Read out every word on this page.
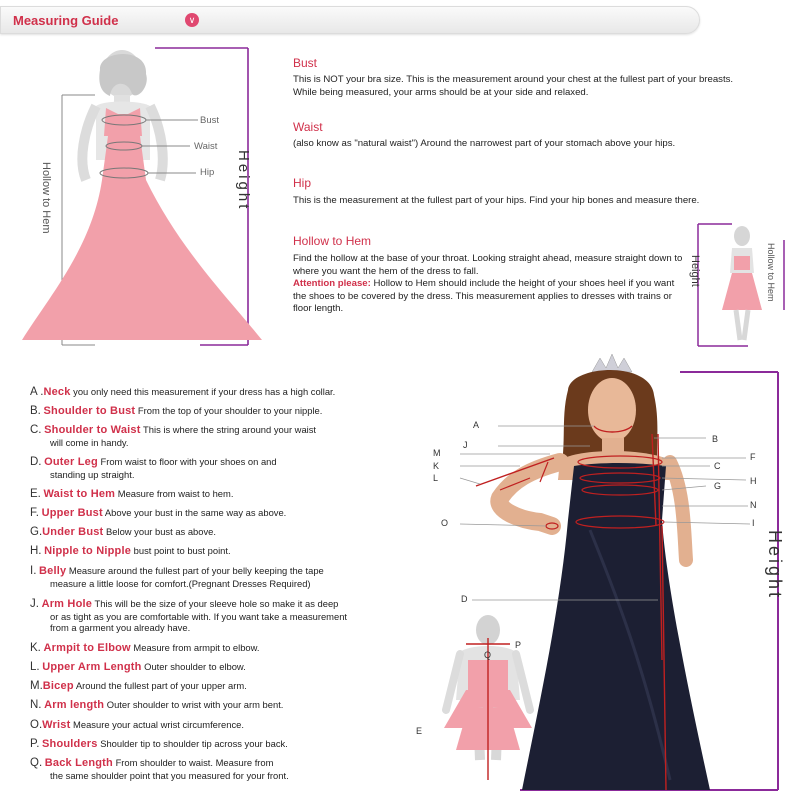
Measuring Guide	∨
Bust
Waist
Hip
Hollow to Hem	Height
Bust
This is NOT your bra size. This is the measurement around your chest at the fullest part of your breasts. While being measured, your arms should be at your side and relaxed.
Waist
(also know as "natural waist") Around the narrowest part of your stomach above your hips.
Hip
This is the measurement at the fullest part of your hips. Find your hip bones and measure there.
Hollow to Hem
Find the hollow at the base of your throat. Looking straight ahead, measure straight down to where you want the hem of the dress to fall.
Attention please: Hollow to Hem should include the height of your shoes heel if you want the shoes to be covered by the dress. This measurement applies to dresses with trains or floor length.
Height	Hollow to Hem
A .Neck you only need this measurement if your dress has a high collar.
B. Shoulder to Bust From the top of your shoulder to your nipple.
C. Shoulder to Waist This is where the string around your waist
will come in handy.
D. Outer Leg From waist to floor with your shoes on and
standing up straight.
E. Waist to Hem Measure from waist to hem.
F. Upper Bust Above your bust in the same way as above.
G.Under Bust Below your bust as above.
H. Nipple to Nipple bust point to bust point.
I. Belly Measure around the fullest part of your belly keeping the tape
measure a little loose for comfort.(Pregnant Dresses Required)
J. Arm Hole This will be the size of your sleeve hole so make it as deep
or as tight as you are comfortable with. If you want take a measurement
from a garment you already have.
K. Armpit to Elbow Measure from armpit to elbow.
L. Upper Arm Length Outer shoulder to elbow.
M.Bicep Around the fullest part of your upper arm.
N. Arm length Outer shoulder to wrist with your arm bent.
O.Wrist Measure your actual wrist circumference.
P. Shoulders Shoulder tip to shoulder tip across your back.
Q. Back Length From shoulder to waist. Measure from
the same shoulder point that you measured for your front.
A
J
M
K
L
O
D
B
F
C
H
G
N
I
Height
P
Q
E
